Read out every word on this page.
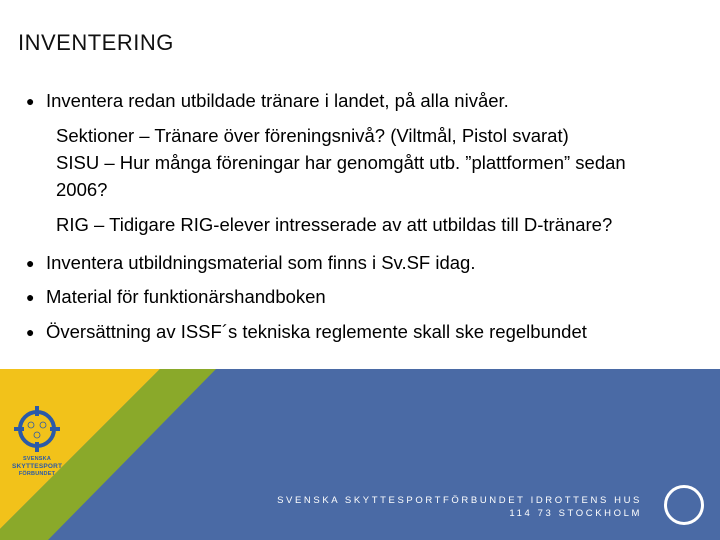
INVENTERING
● Inventera redan utbildade tränare i landet, på alla nivåer.
Sektioner – Tränare över föreningsnivå? (Viltmål, Pistol svarat)
SISU – Hur många föreningar har genomgått utb. ”plattformen” sedan
2006?
RIG – Tidigare RIG-elever intresserade av att utbildas till D-tränare?
● Inventera utbildningsmaterial som finns i Sv.SF idag.
● Material för funktionärshandboken
● Översättning av ISSF´s tekniska reglemente skall ske regelbundet
SVENSKA
SKYTTESPORT
FÖRBUNDET
SVENSKA SKYTTESPORTFÖRBUNDET IDROTTENS HUS
114 73 STOCKHOLM
